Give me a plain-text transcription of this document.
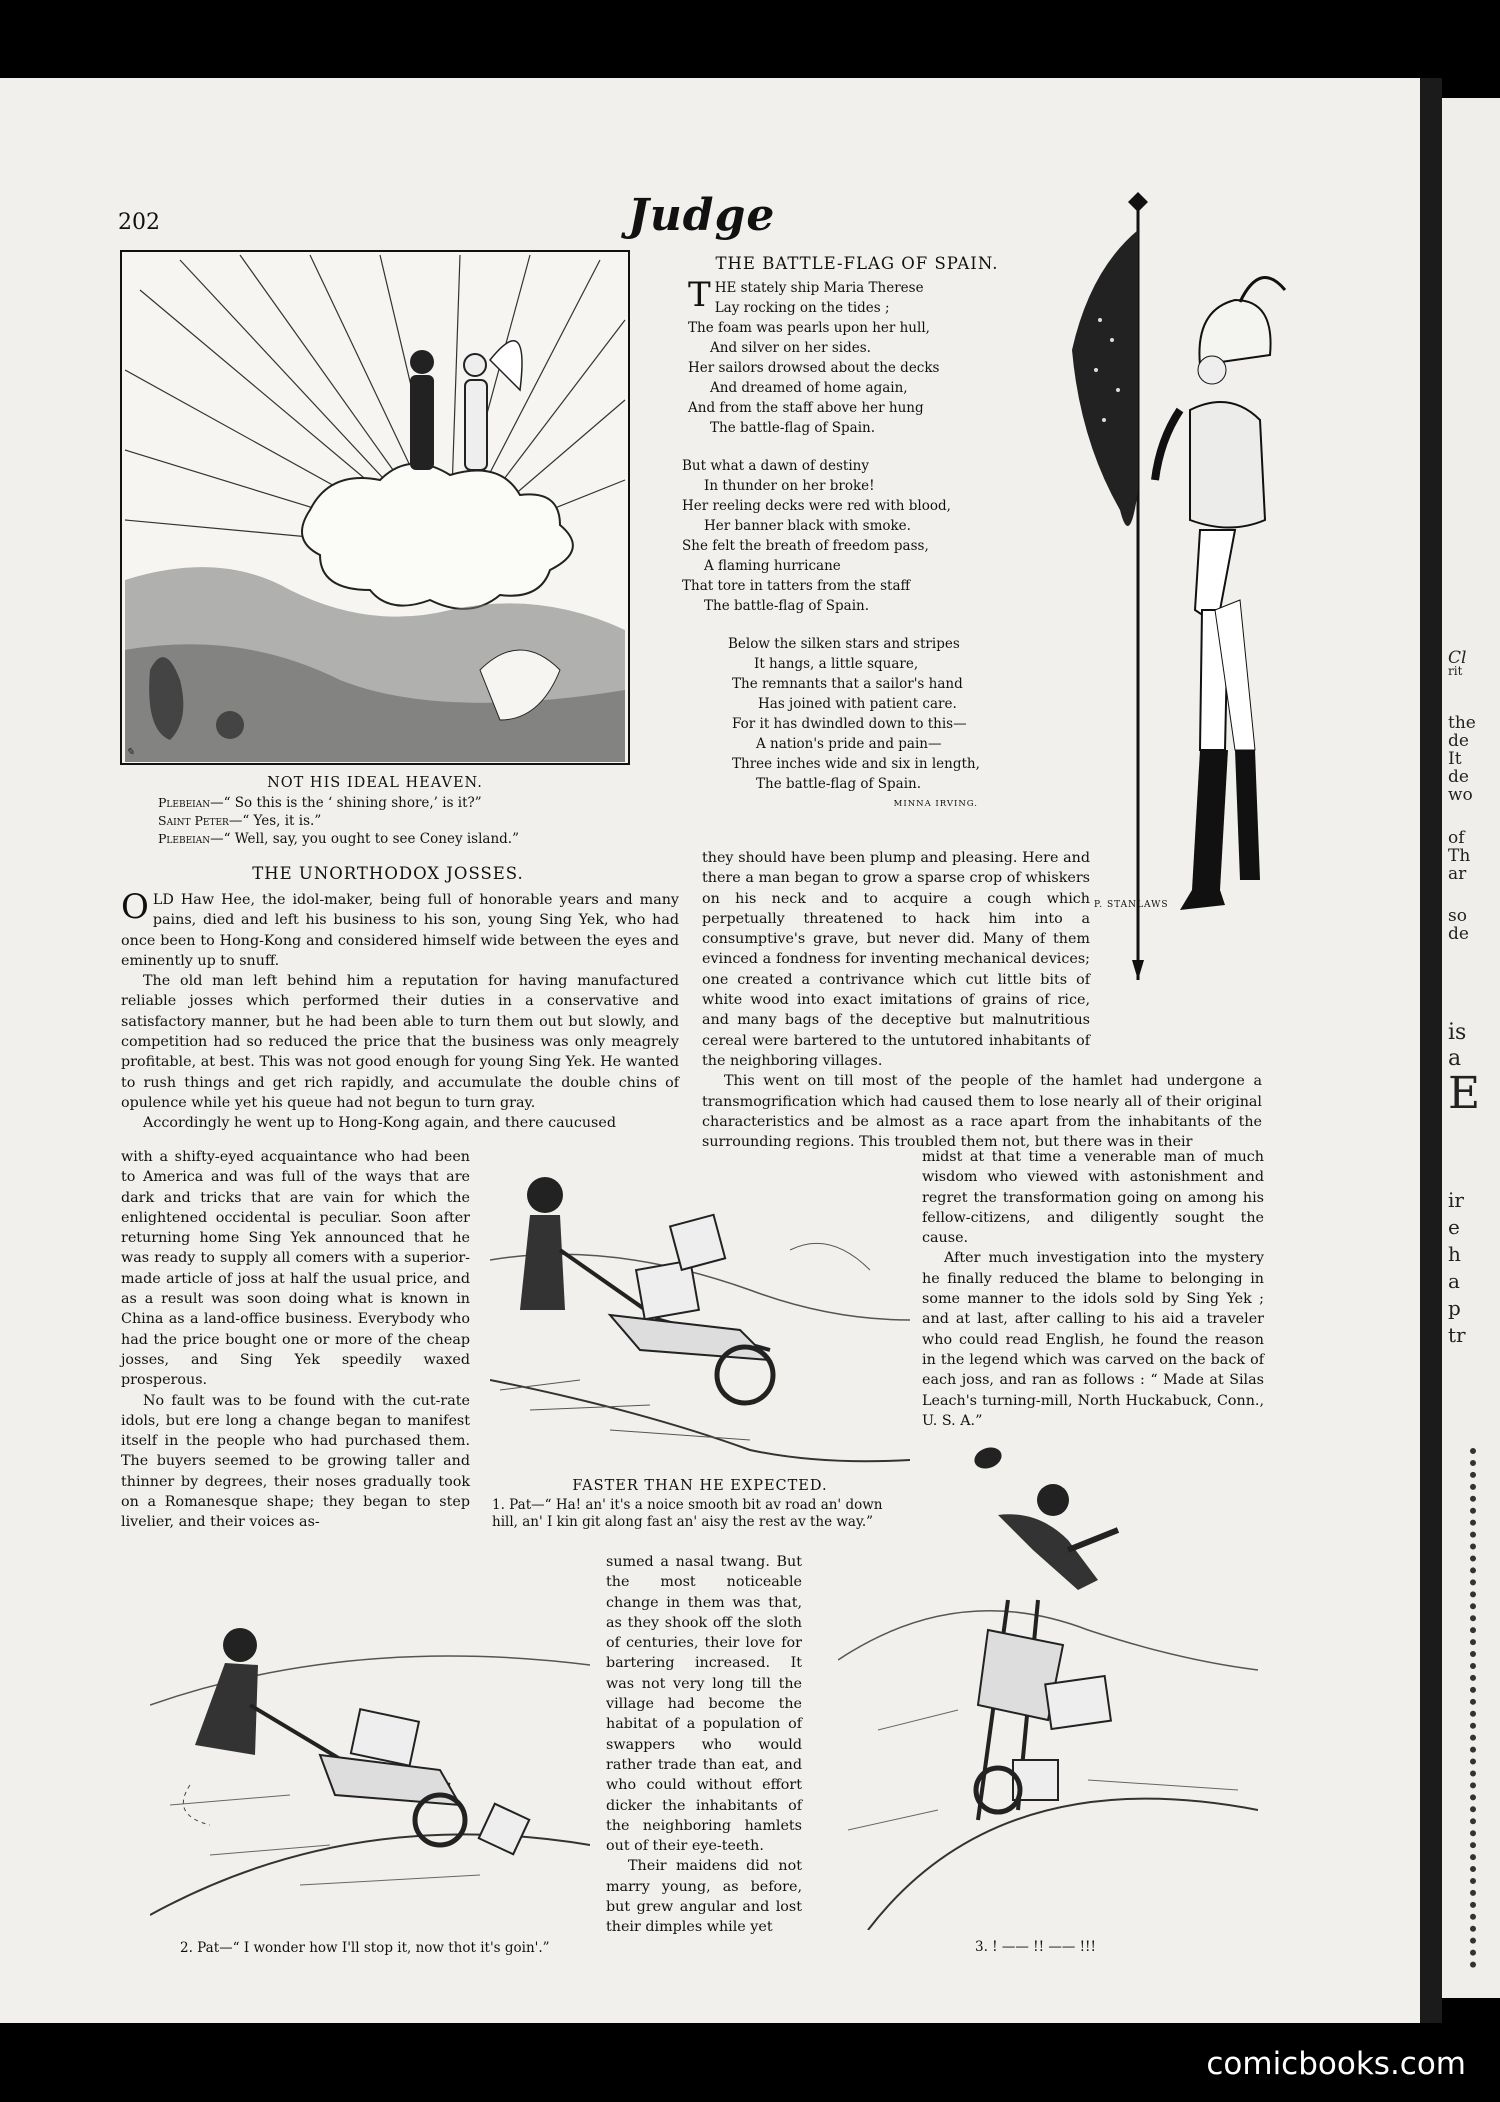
Cl
rit
the
de
It
de
wo
of
Th
ar
so
de
is
a
E
ir
e
h
a
p
tr
202	Judge
✎
NOT HIS IDEAL HEAVEN.
Plebeian—“ So this is the ‘ shining shore,’ is it?”
Saint Peter—“ Yes, it is.”
Plebeian—“ Well, say, you ought to see Coney island.”
THE BATTLE-FLAG OF SPAIN.
THE stately ship Maria Therese
Lay rocking on the tides ;
The foam was pearls upon her hull,
And silver on her sides.
Her sailors drowsed about the decks
And dreamed of home again,
And from the staff above her hung
The battle-flag of Spain.
But what a dawn of destiny
In thunder on her broke!
Her reeling decks were red with blood,
Her banner black with smoke.
She felt the breath of freedom pass,
A flaming hurricane
That tore in tatters from the staff
The battle-flag of Spain.
Below the silken stars and stripes
It hangs, a little square,
The remnants that a sailor's hand
Has joined with patient care.
For it has dwindled down to this—
A nation's pride and pain—
Three inches wide and six in length,
The battle-flag of Spain.
MINNA IRVING.
P. STANLAWS
THE UNORTHODOX JOSSES.

OLD Haw Hee, the idol-maker, being full of honorable years and many pains, died and left his business to his son, young Sing Yek, who had once been to Hong-Kong and considered himself wide between the eyes and eminently up to snuff.

The old man left behind him a reputation for having manufactured reliable josses which performed their duties in a conservative and satisfactory manner, but he had been able to turn them out but slowly, and competition had so reduced the price that the business was only meagrely profitable, at best. This was not good enough for young Sing Yek. He wanted to rush things and get rich rapidly, and accumulate the double chins of opulence while yet his queue had not begun to turn gray.

Accordingly he went up to Hong-Kong again, and there caucused

with a shifty-eyed acquaintance who had been to America and was full of the ways that are dark and tricks that are vain for which the enlightened occidental is peculiar. Soon after returning home Sing Yek announced that he was ready to supply all comers with a superior-made article of joss at half the usual price, and as a result was soon doing what is known in China as a land-office business. Everybody who had the price bought one or more of the cheap josses, and Sing Yek speedily waxed prosperous.

No fault was to be found with the cut-rate idols, but ere long a change began to manifest itself in the people who had purchased them. The buyers seemed to be growing taller and thinner by degrees, their noses gradually took on a Romanesque shape; they began to step livelier, and their voices as-

they should have been plump and pleasing. Here and there a man began to grow a sparse crop of whiskers on his neck and to acquire a cough which perpetually threatened to hack him into a consumptive's grave, but never did. Many of them evinced a fondness for inventing mechanical devices; one created a contrivance which cut little bits of white wood into exact imitations of grains of rice, and many bags of the deceptive but malnutritious cereal were bartered to the untutored inhabitants of the neighboring villages.

This went on till most of the people of the hamlet had undergone a transmogrification which had caused them to lose nearly all of their original characteristics and be almost as a race apart from the inhabitants of the surrounding regions. This troubled them not, but there was in their

midst at that time a venerable man of much wisdom who viewed with astonishment and regret the transformation going on among his fellow-citizens, and diligently sought the cause.

After much investigation into the mystery he finally reduced the blame to belonging in some manner to the idols sold by Sing Yek ; and at last, after calling to his aid a traveler who could read English, he found the reason in the legend which was carved on the back of each joss, and ran as follows : “ Made at Silas Leach's turning-mill, North Huckabuck, Conn., U. S. A.”

sumed a nasal twang. But the most noticeable change in them was that, as they shook off the sloth of centuries, their love for bartering increased. It was not very long till the village had become the habitat of a population of swappers who would rather trade than eat, and who could without effort dicker the inhabitants of the neighboring hamlets out of their eye-teeth.

Their maidens did not marry young, as before, but grew angular and lost their dimples while yet

FASTER THAN HE EXPECTED.
1. Pat—“ Ha! an' it's a noice smooth bit av road an' down hill, an' I kin git along fast an' aisy the rest av the way.”
2. Pat—“ I wonder how I'll stop it, now thot it's goin'.”	3. ! —— !! —— !!!
comicbooks.com
